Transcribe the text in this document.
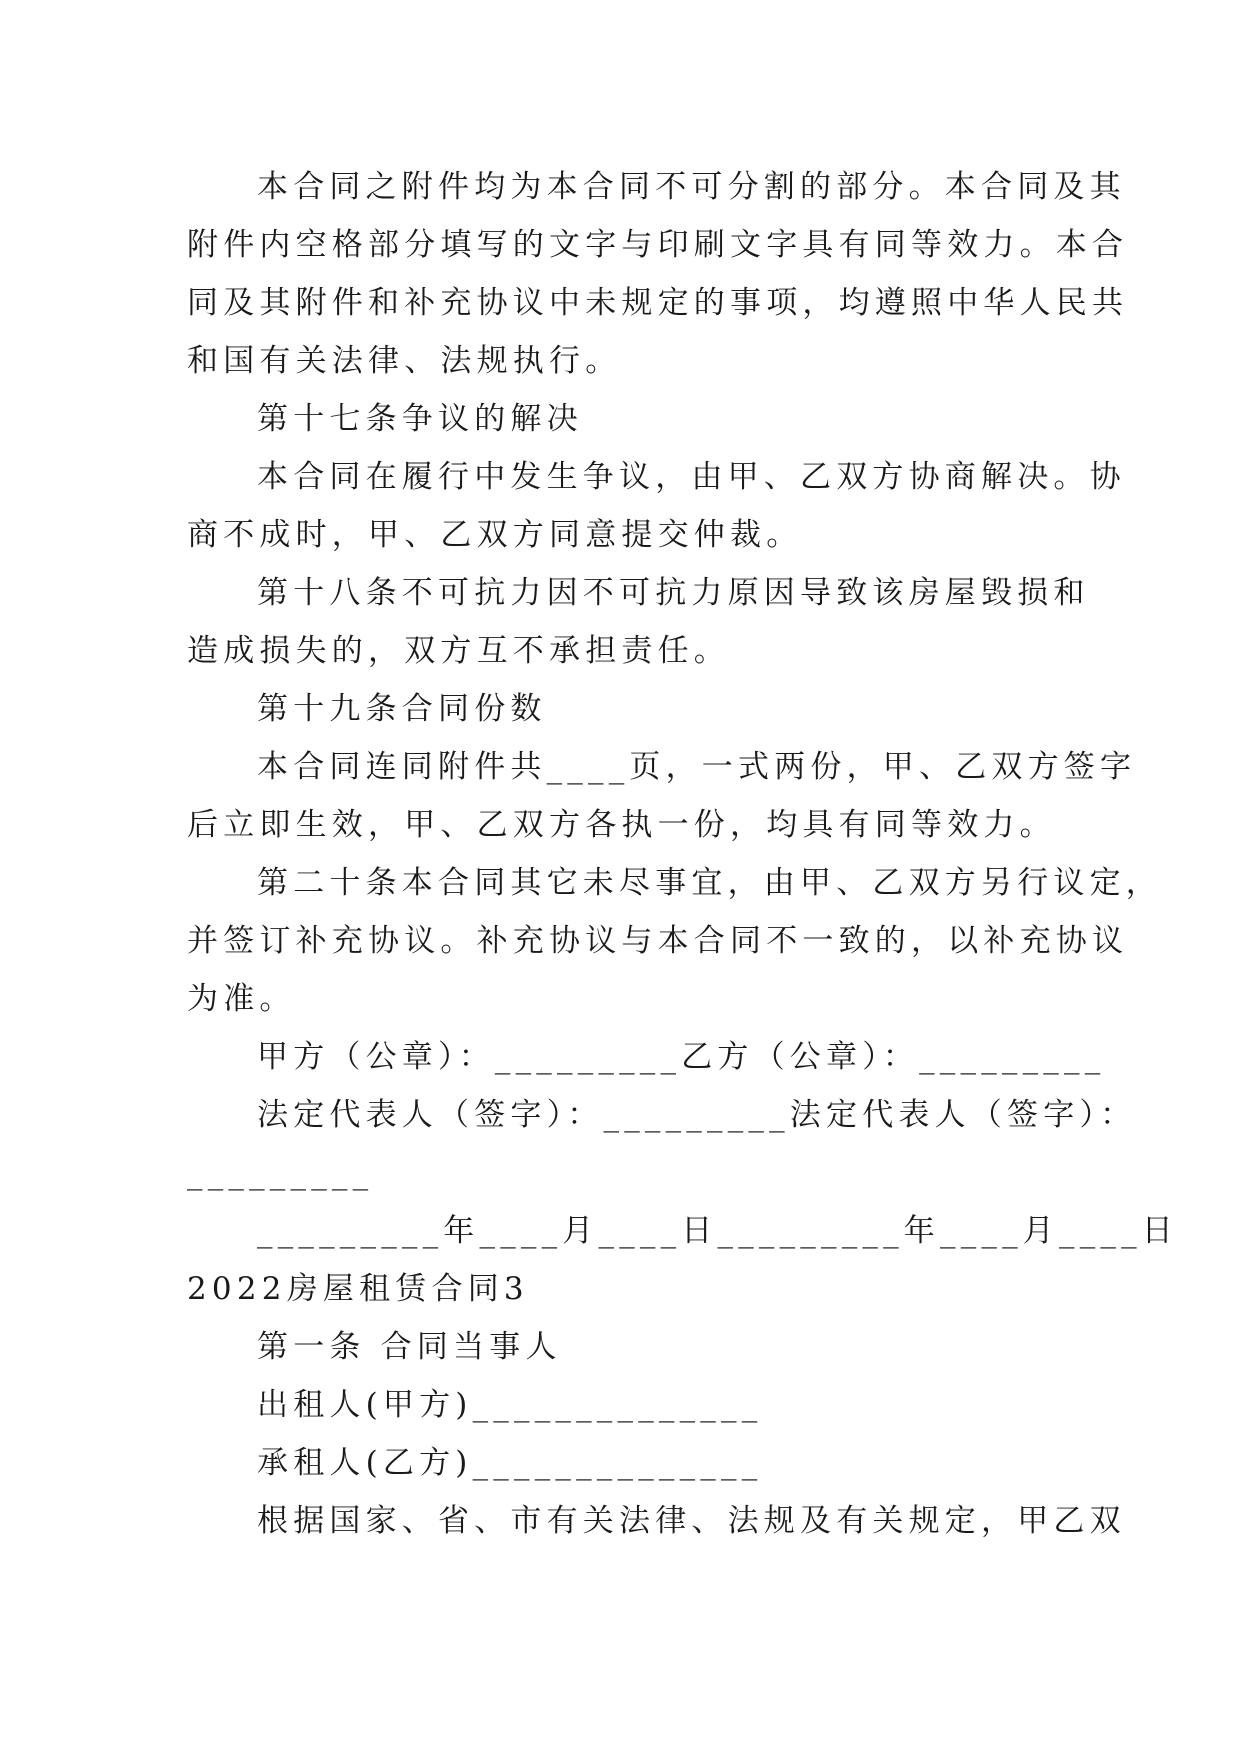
本合同之附件均为本合同不可分割的部分。本合同及其

附件内空格部分填写的文字与印刷文字具有同等效力。本合

同及其附件和补充协议中未规定的事项，均遵照中华人民共

和国有关法律、法规执行。

第十七条争议的解决

本合同在履行中发生争议，由甲、乙双方协商解决。协

商不成时，甲、乙双方同意提交仲裁。

第十八条不可抗力因不可抗力原因导致该房屋毁损和

造成损失的，双方互不承担责任。

第十九条合同份数

本合同连同附件共____页，一式两份，甲、乙双方签字

后立即生效，甲、乙双方各执一份，均具有同等效力。

第二十条本合同其它未尽事宜，由甲、乙双方另行议定，

并签订补充协议。补充协议与本合同不一致的，以补充协议

为准。

甲方（公章）：_________乙方（公章）：_________

法定代表人（签字）：_________法定代表人（签字）：

_________

_________年____月____日_________年____月____日

2022房屋租赁合同3

第一条 合同当事人

出租人(甲方)______________

承租人(乙方)______________

根据国家、省、市有关法律、法规及有关规定，甲乙双
